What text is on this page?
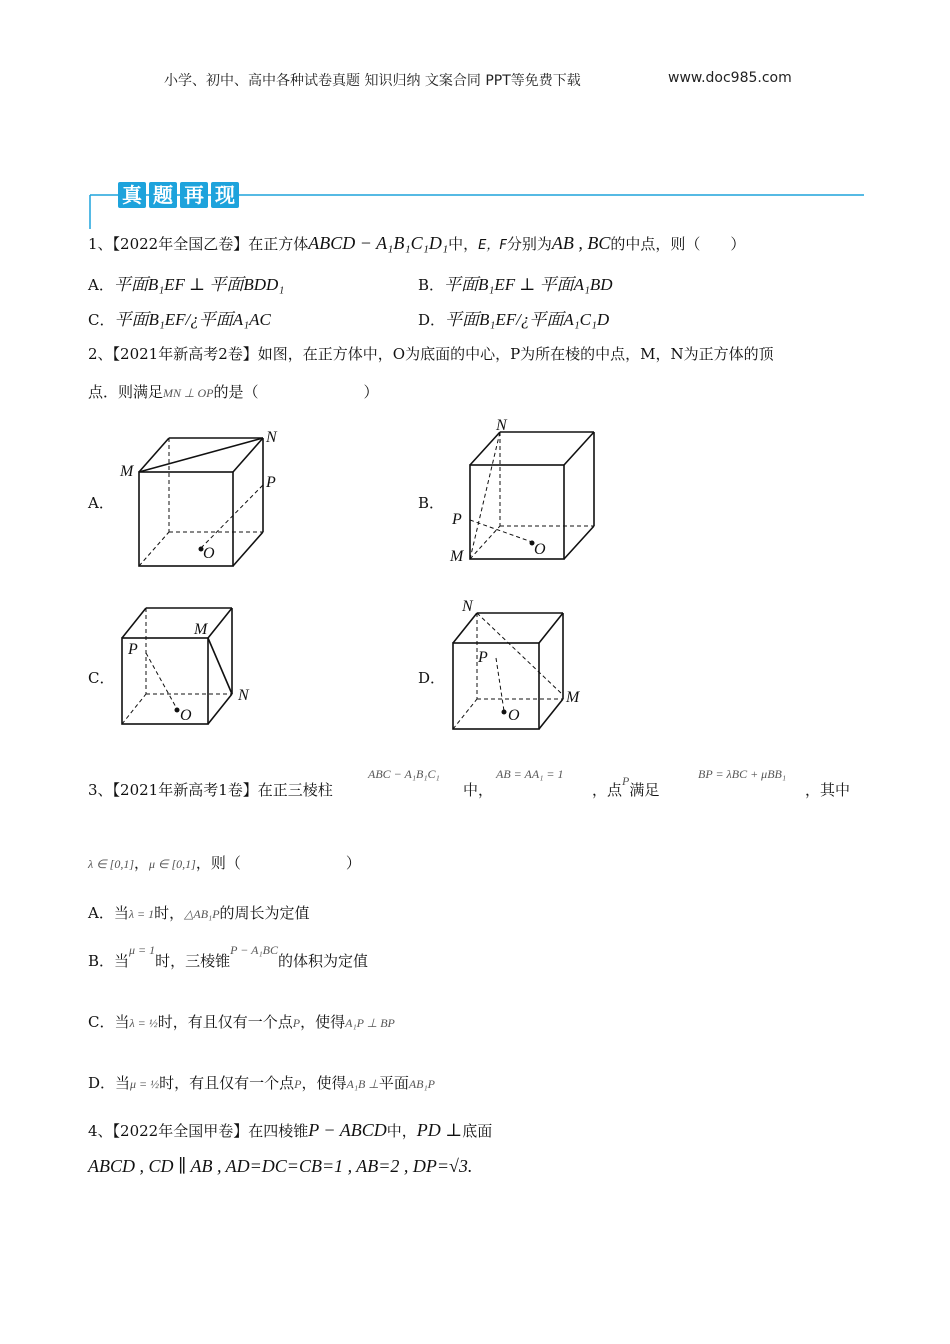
小学、初中、高中各种试卷真题 知识归纳 文案合同 PPT等免费下载	www.doc985.com
真 题 再 现
1、【2022年全国乙卷】在正方体ABCD − A₁B₁C₁D₁中，E，F分别为AB , BC的中点，则（　　）
A．平面B₁EF ⊥ 平面BDD₁	B．平面B₁EF ⊥ 平面A₁BD
C．平面B₁EF/¿平面A₁AC	D．平面B₁EF/¿平面A₁C₁D
2、【2021年新高考2卷】如图，在正方体中，O为底面的中心，P为所在棱的中点，M，N为正方体的顶
点．则满足MN ⊥ OP的是（　　　　　　　）
A．	B．
C．	D．
N
M
P
O
N
P
M	O
M
P
N
O
N
P
M
O
3、【2021年新高考1卷】在正三棱柱
ABC − A₁B₁C₁
中，
AB = AA₁ = 1
，点$^P$满足
BP = λBC + μBB₁
，其中
λ ∈ [0,1]，μ ∈ [0,1]，则（　　　　　　　）
A．当λ = 1时，△AB₁P的周长为定值
B．当$^{\mu = 1}$时，三棱锥$^{P - A_1BC}$的体积为定值
C．当λ = ½时，有且仅有一个点P，使得A₁P ⊥ BP
D．当μ = ½时，有且仅有一个点P，使得A₁B ⊥平面AB₁P
4、【2022年全国甲卷】在四棱锥P − ABCD中，PD ⊥底面
ABCD , CD ∥ AB , AD=DC=CB=1 , AB=2 , DP=√3.
